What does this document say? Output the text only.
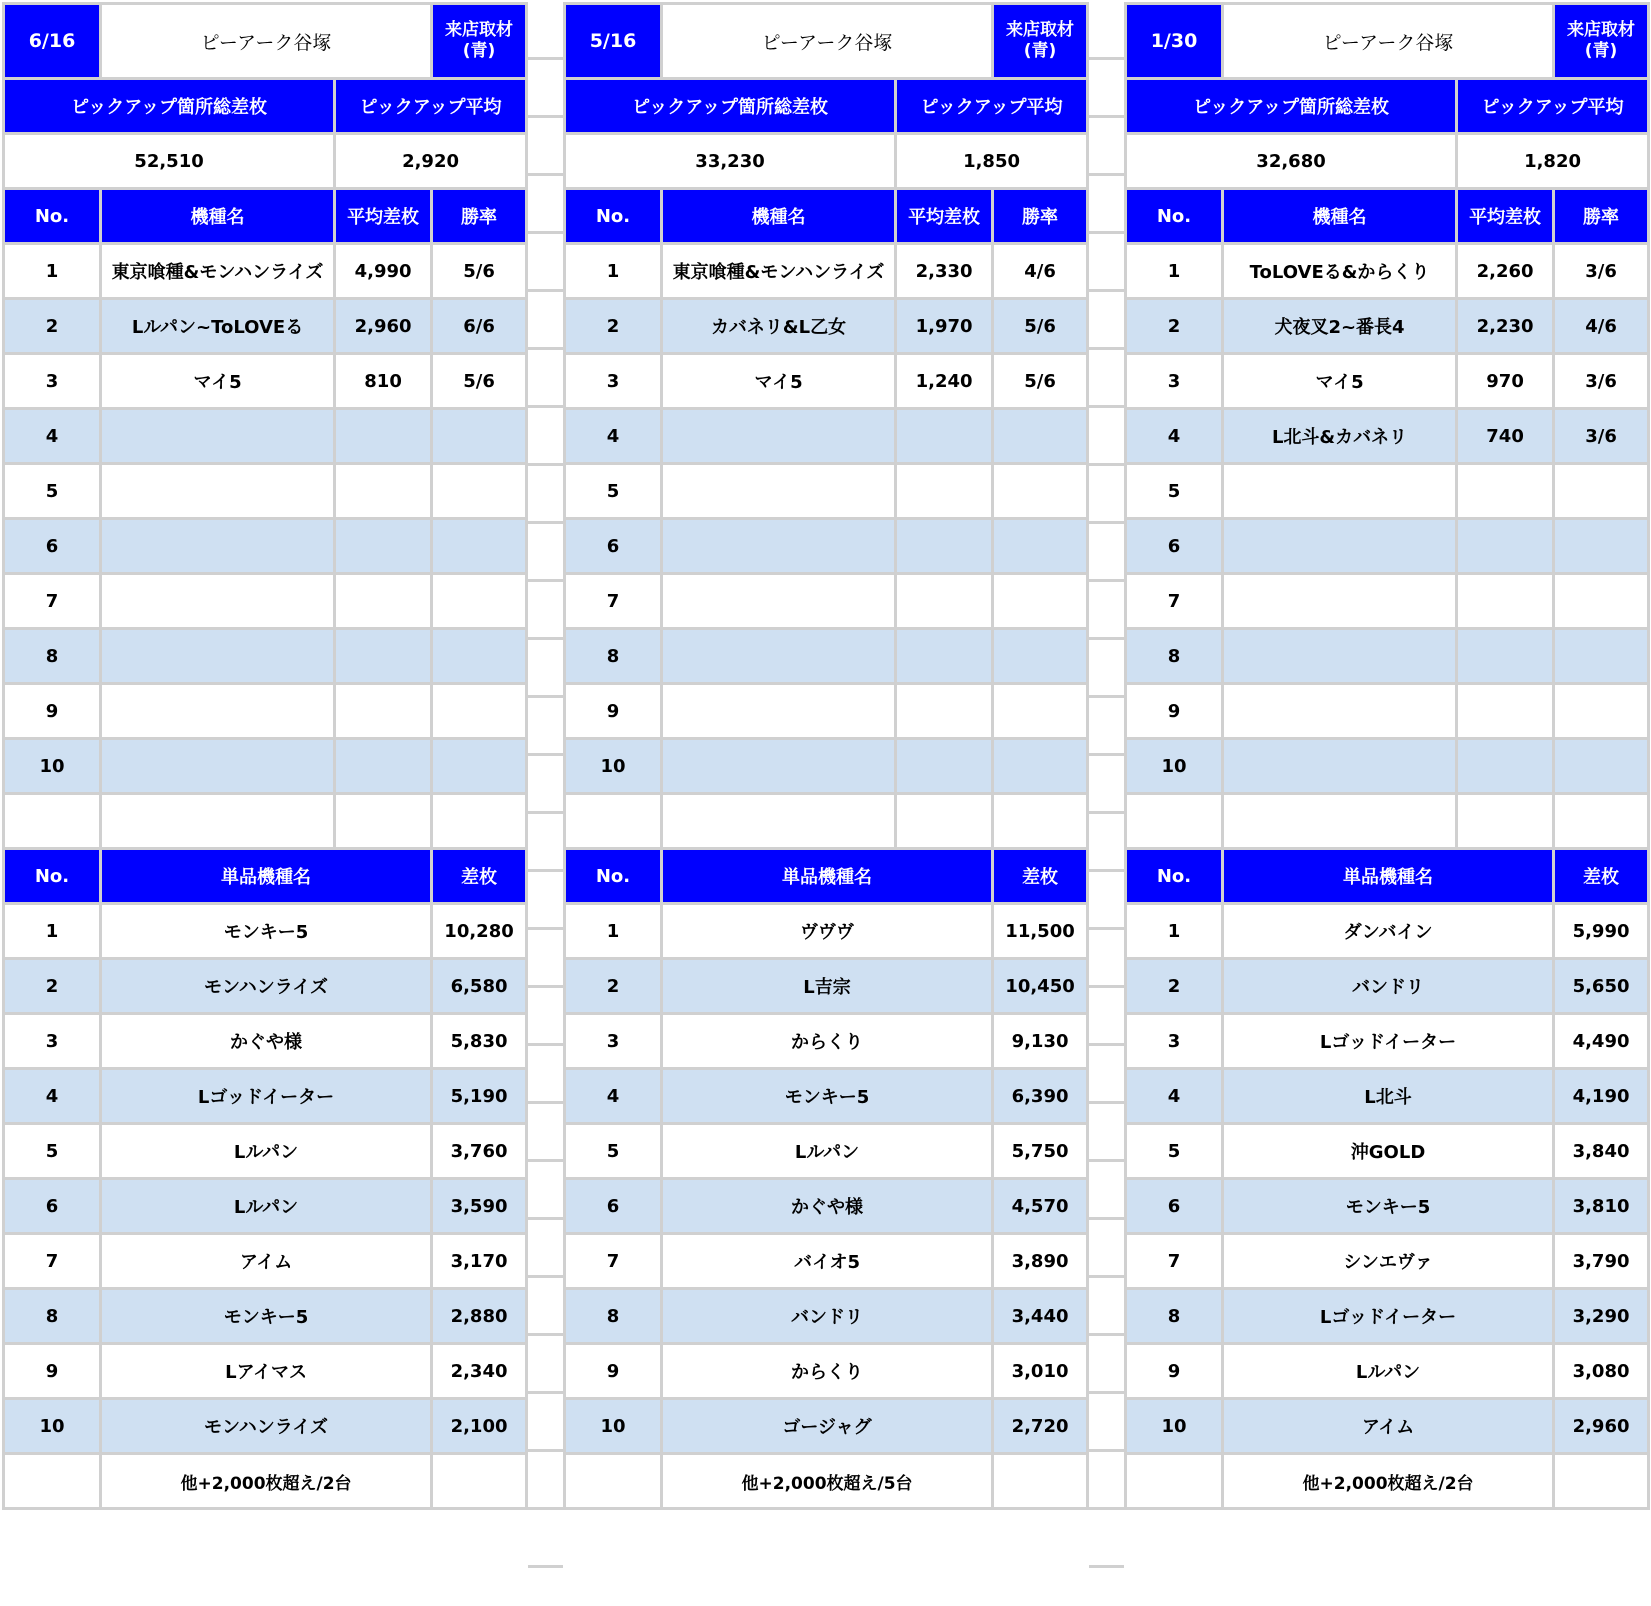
6/16	ピーアーク谷塚		来店取材
(青)
ピックアップ箇所総差枚		ピックアップ平均	
52,510		2,920	
No.	機種名	平均差枚	勝率
1	東京喰種&モンハンライズ	4,990	5/6
2	Lルパン~ToLOVEる	2,960	6/6
3	マイ5	810	5/6
4			
5			
6			
7			
8			
9			
10			

No.	単品機種名		差枚
1	モンキー5		10,280
2	モンハンライズ		6,580
3	かぐや様		5,830
4	Lゴッドイーター		5,190
5	Lルパン		3,760
6	Lルパン		3,590
7	アイム		3,170
8	モンキー5		2,880
9	Lアイマス		2,340
10	モンハンライズ		2,100
	他+2,000枚超え/2台		
5/16	ピーアーク谷塚		来店取材
(青)
ピックアップ箇所総差枚		ピックアップ平均	
33,230		1,850	
No.	機種名	平均差枚	勝率
1	東京喰種&モンハンライズ	2,330	4/6
2	カバネリ&L乙女	1,970	5/6
3	マイ5	1,240	5/6
4			
5			
6			
7			
8			
9			
10			

No.	単品機種名		差枚
1	ヴヴヴ		11,500
2	L吉宗		10,450
3	からくり		9,130
4	モンキー5		6,390
5	Lルパン		5,750
6	かぐや様		4,570
7	バイオ5		3,890
8	バンドリ		3,440
9	からくり		3,010
10	ゴージャグ		2,720
	他+2,000枚超え/5台		
1/30	ピーアーク谷塚		来店取材
(青)
ピックアップ箇所総差枚		ピックアップ平均	
32,680		1,820	
No.	機種名	平均差枚	勝率
1	ToLOVEる&からくり	2,260	3/6
2	犬夜叉2~番長4	2,230	4/6
3	マイ5	970	3/6
4	L北斗&カバネリ	740	3/6
5			
6			
7			
8			
9			
10			

No.	単品機種名		差枚
1	ダンバイン		5,990
2	バンドリ		5,650
3	Lゴッドイーター		4,490
4	L北斗		4,190
5	沖GOLD		3,840
6	モンキー5		3,810
7	シンエヴァ		3,790
8	Lゴッドイーター		3,290
9	Lルパン		3,080
10	アイム		2,960
	他+2,000枚超え/2台		
